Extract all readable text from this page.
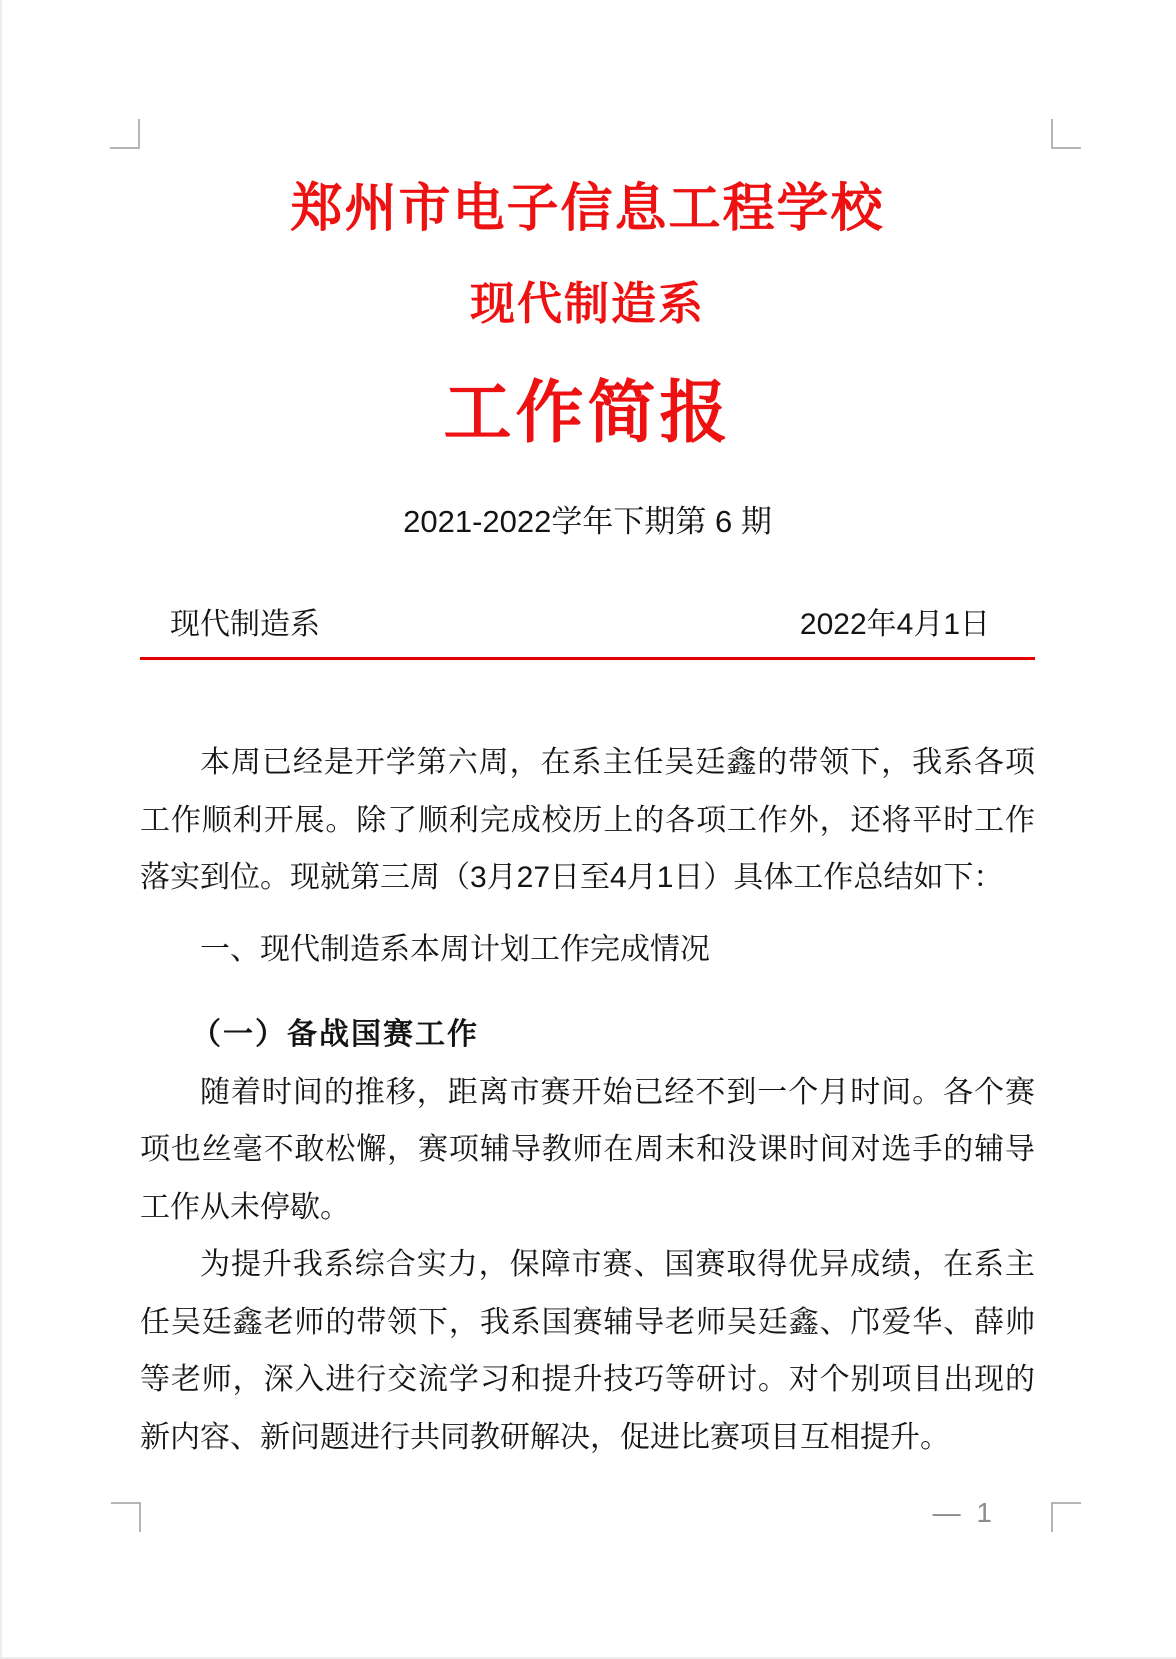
郑州市电子信息工程学校
现代制造系
工作简报
2021-2022学年下期第 6 期
现代制造系	2022年4月1日

本周已经是开学第六周，在系主任吴廷鑫的带领下，我系各项工作顺利开展。除了顺利完成校历上的各项工作外，还将平时工作落实到位。现就第三周（3月27日至4月1日）具体工作总结如下：

一、现代制造系本周计划工作完成情况

（一）备战国赛工作

随着时间的推移，距离市赛开始已经不到一个月时间。各个赛项也丝毫不敢松懈，赛项辅导教师在周末和没课时间对选手的辅导工作从未停歇。

为提升我系综合实力，保障市赛、国赛取得优异成绩，在系主任吴廷鑫老师的带领下，我系国赛辅导老师吴廷鑫、邝爱华、薛帅等老师，深入进行交流学习和提升技巧等研讨。对个别项目出现的新内容、新问题进行共同教研解决，促进比赛项目互相提升。

— 1
